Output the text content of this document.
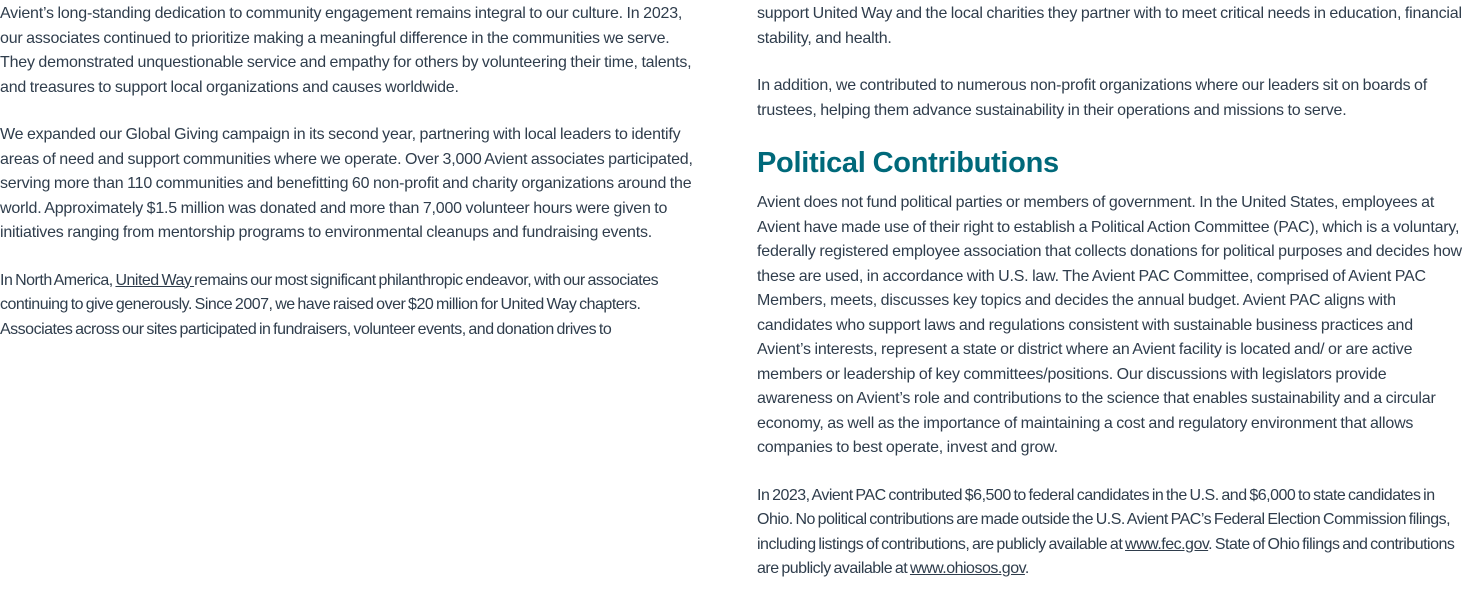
Avient’s long-standing dedication to community engagement remains integral to our culture. In 2023, our associates continued to prioritize making a meaningful difference in the communities we serve. They demonstrated unquestionable service and empathy for others by volunteering their time, talents, and treasures to support local organizations and causes worldwide.

We expanded our Global Giving campaign in its second year, partnering with local leaders to identify areas of need and support communities where we operate. Over 3,000 Avient associates participated, serving more than 110 communities and benefitting 60 non-profit and charity organizations around the world. Approximately $1.5 million was donated and more than 7,000 volunteer hours were given to initiatives ranging from mentorship programs to environmental cleanups and fundraising events.

In North America, United Way remains our most significant philanthropic endeavor, with our associates continuing to give generously. Since 2007, we have raised over $20 million for United Way chapters. Associates across our sites participated in fundraisers, volunteer events, and donation drives to

support United Way and the local charities they partner with to meet critical needs in education, financial stability, and health.

In addition, we contributed to numerous non-profit organizations where our leaders sit on boards of trustees, helping them advance sustainability in their operations and missions to serve.

Political Contributions

Avient does not fund political parties or members of government. In the United States, employees at Avient have made use of their right to establish a Political Action Committee (PAC), which is a voluntary, federally registered employee association that collects donations for political purposes and decides how these are used, in accordance with U.S. law. The Avient PAC Committee, comprised of Avient PAC Members, meets, discusses key topics and decides the annual budget. Avient PAC aligns with candidates who support laws and regulations consistent with sustainable business practices and Avient’s interests, represent a state or district where an Avient facility is located and/ or are active members or leadership of key committees/positions. Our discussions with legislators provide awareness on Avient’s role and contributions to the science that enables sustainability and a circular economy, as well as the importance of maintaining a cost and regulatory environment that allows companies to best operate, invest and grow.

In 2023, Avient PAC contributed $6,500 to federal candidates in the U.S. and $6,000 to state candidates in Ohio. No political contributions are made outside the U.S. Avient PAC’s Federal Election Commission filings, including listings of contributions, are publicly available at www.fec.gov. State of Ohio filings and contributions are publicly available at www.ohiosos.gov.
